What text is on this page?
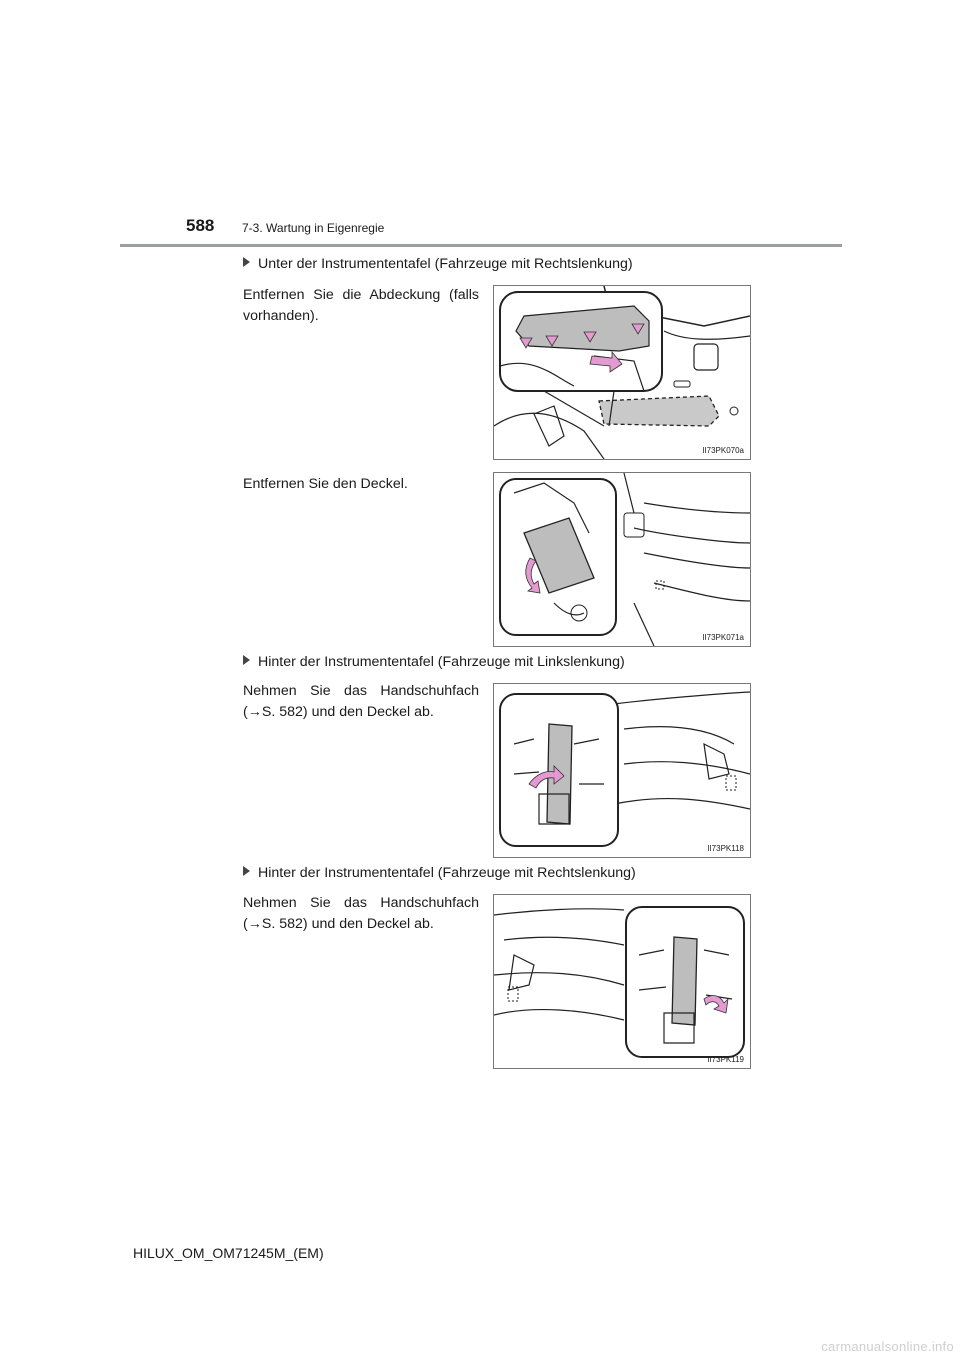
588 7-3. Wartung in Eigenregie
Unter der Instrumententafel (Fahrzeuge mit Rechtslenkung)
Entfernen Sie die Abdeckung (falls vorhanden).
II73PK070a
Entfernen Sie den Deckel.
II73PK071a
Hinter der Instrumententafel (Fahrzeuge mit Linkslenkung)
Nehmen Sie das Handschuhfach (→S. 582) und den Deckel ab.
II73PK118
Hinter der Instrumententafel (Fahrzeuge mit Rechtslenkung)
Nehmen Sie das Handschuhfach (→S. 582) und den Deckel ab.
II73PK119
HILUX_OM_OM71245M_(EM)
carmanualsonline.info
